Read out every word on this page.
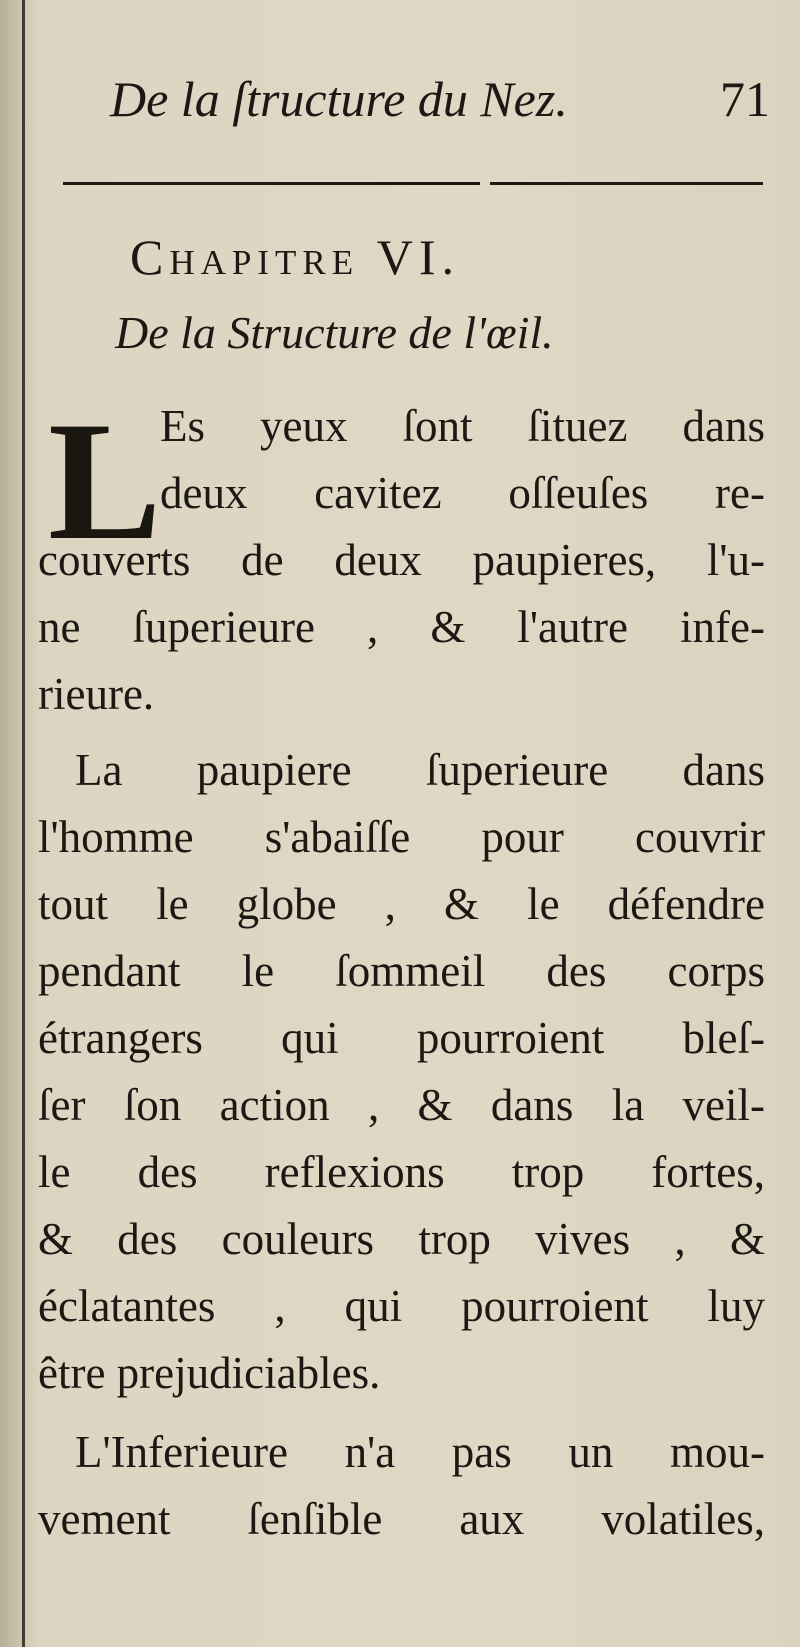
De la ſtructure du Nez.	71
Chapitre VI.
De la Structure de l'œil.
L
Es yeux ſont ſituez dans
deux cavitez oſſeuſes re-
couverts de deux paupieres, l'u-
ne ſuperieure , & l'autre infe-
rieure.
La paupiere ſuperieure dans
l'homme s'abaiſſe pour couvrir
tout le globe , & le défendre
pendant le ſommeil des corps
étrangers qui pourroient bleſ-
ſer ſon action , & dans la veil-
le des reflexions trop fortes,
& des couleurs trop vives , &
éclatantes , qui pourroient luy
être prejudiciables.
L'Inferieure n'a pas un mou-
vement ſenſible aux volatiles,
